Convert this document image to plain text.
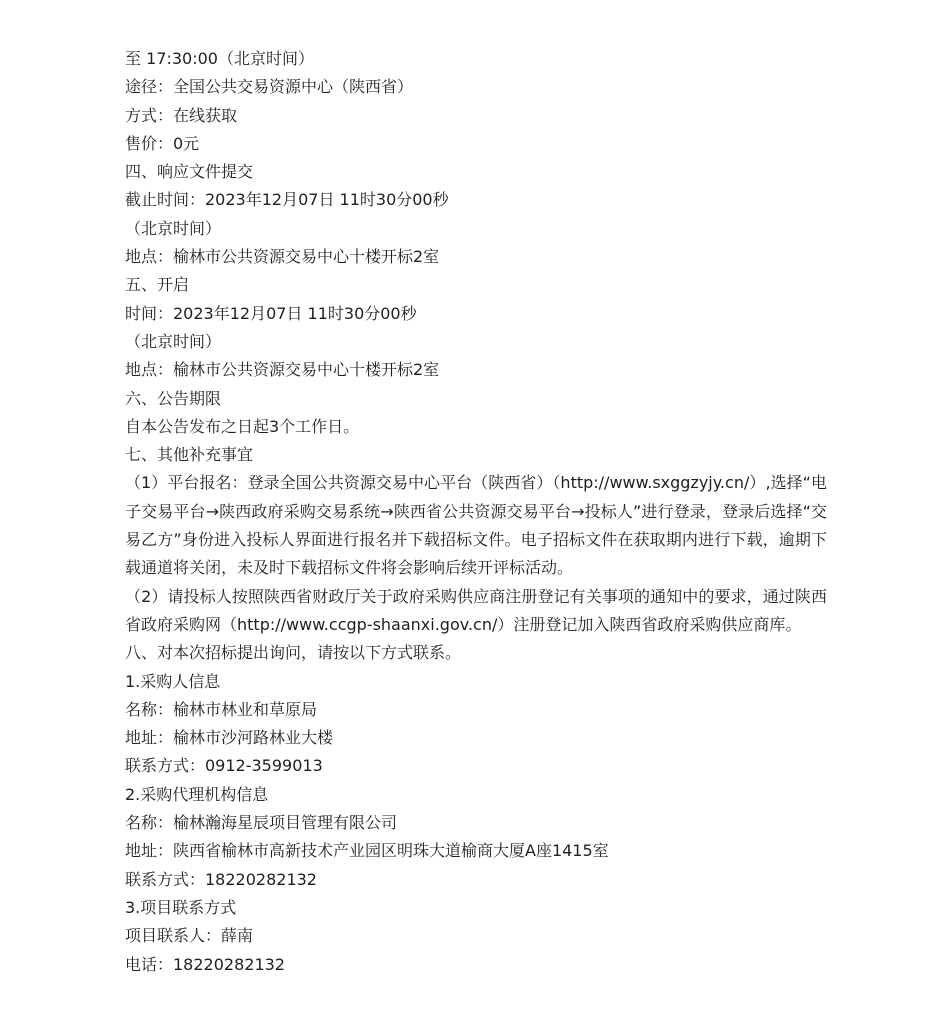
至 17:30:00（北京时间）
途径：全国公共交易资源中心（陕西省）
方式：在线获取
售价：0元
四、响应文件提交
截止时间：2023年12月07日 11时30分00秒
（北京时间）
地点：榆林市公共资源交易中心十楼开标2室
五、开启
时间：2023年12月07日 11时30分00秒
（北京时间）
地点：榆林市公共资源交易中心十楼开标2室
六、公告期限
自本公告发布之日起3个工作日。
七、其他补充事宜
（1）平台报名：登录全国公共资源交易中心平台（陕西省）（http://www.sxggzyjy.cn/）,选择“电子交易平台→陕西政府采购交易系统→陕西省公共资源交易平台→投标人”进行登录，登录后选择“交易乙方”身份进入投标人界面进行报名并下载招标文件。电子招标文件在获取期内进行下载，逾期下载通道将关闭，未及时下载招标文件将会影响后续开评标活动。
（2）请投标人按照陕西省财政厅关于政府采购供应商注册登记有关事项的通知中的要求，通过陕西省政府采购网（http://www.ccgp-shaanxi.gov.cn/）注册登记加入陕西省政府采购供应商库。
八、对本次招标提出询问，请按以下方式联系。
1.采购人信息
名称：榆林市林业和草原局
地址：榆林市沙河路林业大楼
联系方式：0912-3599013
2.采购代理机构信息
名称：榆林瀚海星辰项目管理有限公司
地址：陕西省榆林市高新技术产业园区明珠大道榆商大厦A座1415室
联系方式：18220282132
3.项目联系方式
项目联系人：薛南
电话：18220282132
